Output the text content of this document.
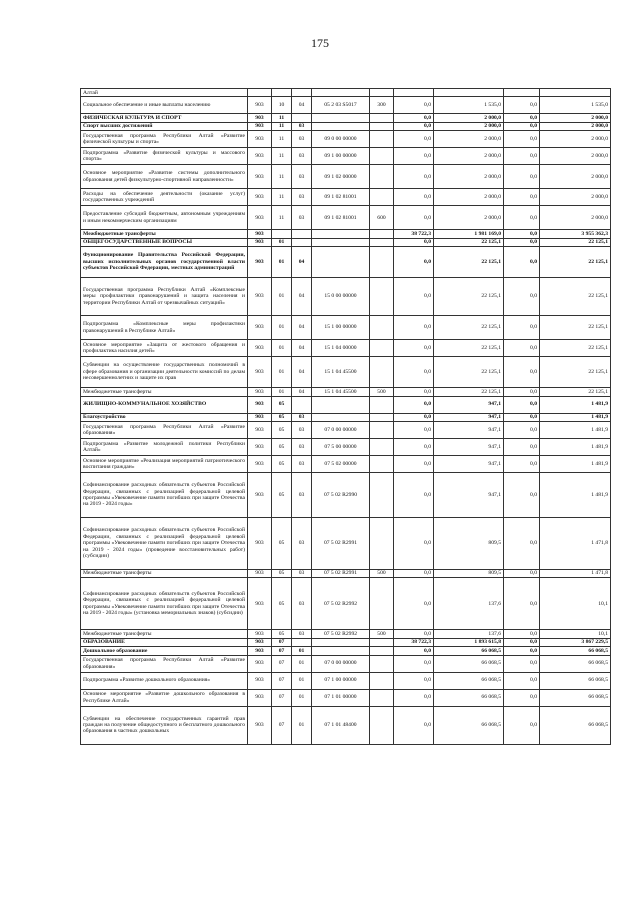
175
Алтай									
Социальное обеспечение и иные выплаты населению	903	10	04	05 2 03 S5017	300	0,0	1 535,0	0,0	1 535,0
ФИЗИЧЕСКАЯ КУЛЬТУРА И СПОРТ	903	11				0,0	2 000,0	0,0	2 000,0
Спорт высших достижений	903	11	03			0,0	2 000,0	0,0	2 000,0
Государственная программа Республики Алтай «Развитие физической культуры и спорта»	903	11	03	09 0 00 00000		0,0	2 000,0	0,0	2 000,0
Подпрограмма «Развитие физической культуры и массового спорта»	903	11	03	09 1 00 00000		0,0	2 000,0	0,0	2 000,0
Основное мероприятие «Развитие системы дополнительного образования детей физкультурно-спортивной направленности»	903	11	03	09 1 02 00000		0,0	2 000,0	0,0	2 000,0
Расходы на обеспечение деятельности (оказание услуг) государственных учреждений	903	11	03	09 1 02 81001		0,0	2 000,0	0,0	2 000,0
Предоставление субсидий бюджетным, автономным учреждениям и иным некоммерческим организациям	903	11	03	09 1 02 81001	600	0,0	2 000,0	0,0	2 000,0
Межбюджетные трансферты	903					38 722,3	1 981 169,0	0,0	3 955 362,3
ОБЩЕГОСУДАРСТВЕННЫЕ ВОПРОСЫ	903	01				0,0	22 125,1	0,0	22 125,1
Функционирование Правительства Российской Федерации, высших исполнительных органов государственной власти субъектов Российской Федерации, местных администраций	903	01	04			0,0	22 125,1	0,0	22 125,1
Государственная программа Республики Алтай «Комплексные меры профилактики правонарушений и защита населения и территории Республики Алтай от чрезвычайных ситуаций»	903	01	04	15 0 00 00000		0,0	22 125,1	0,0	22 125,1
Подпрограмма «Комплексные меры профилактики правонарушений в Республике Алтай»	903	01	04	15 1 00 00000		0,0	22 125,1	0,0	22 125,1
Основное мероприятие «Защита от жестокого обращения и профилактика насилия детей»	903	01	04	15 1 04 00000		0,0	22 125,1	0,0	22 125,1
Субвенции на осуществление государственных полномочий в сфере образования и организации деятельности комиссий по делам несовершеннолетних и защите их прав	903	01	04	15 1 04 45500		0,0	22 125,1	0,0	22 125,1
Межбюджетные трансферты	903	01	04	15 1 04 45500	500	0,0	22 125,1	0,0	22 125,1
ЖИЛИЩНО-КОММУНАЛЬНОЕ ХОЗЯЙСТВО	903	05				0,0	947,1	0,0	1 481,9
Благоустройство	903	05	03			0,0	947,1	0,0	1 481,9
Государственная программа Республики Алтай «Развитие образования»	903	05	03	07 0 00 00000		0,0	947,1	0,0	1 481,9
Подпрограмма «Развитие молодежной политики Республики Алтай»	903	05	03	07 5 00 00000		0,0	947,1	0,0	1 481,9
Основное мероприятие «Реализация мероприятий патриотического воспитания граждан»	903	05	03	07 5 02 00000		0,0	947,1	0,0	1 481,9
Софинансирование расходных обязательств субъектов Российской Федерации, связанных с реализацией федеральной целевой программы «Увековечение памяти погибших при защите Отечества на 2019 - 2024 годы»	903	05	03	07 5 02 R2990		0,0	947,1	0,0	1 481,9
Софинансирование расходных обязательств субъектов Российской Федерации, связанных с реализацией федеральной целевой программы «Увековечение памяти погибших при защите Отечества на 2019 - 2024 годы» (проведение восстановительных работ) (субсидии)	903	05	03	07 5 02 R2991		0,0	809,5	0,0	1 471,8
Межбюджетные трансферты	903	05	03	07 5 02 R2991	500	0,0	809,5	0,0	1 471,8
Софинансирование расходных обязательств субъектов Российской Федерации, связанных с реализацией федеральной целевой программы «Увековечение памяти погибших при защите Отечества на 2019 - 2024 годы» (установка мемориальных знаков) (субсидии)	903	05	03	07 5 02 R2992		0,0	137,6	0,0	10,1
Межбюджетные трансферты	903	05	03	07 5 02 R2992	500	0,0	137,6	0,0	10,1
ОБРАЗОВАНИЕ	903	07				38 722,3	1 893 615,8	0,0	3 867 229,5
Дошкольное образование	903	07	01			0,0	66 068,5	0,0	66 068,5
Государственная программа Республики Алтай «Развитие образования»	903	07	01	07 0 00 00000		0,0	66 068,5	0,0	66 068,5
Подпрограмма «Развитие дошкольного образования»	903	07	01	07 1 00 00000		0,0	66 068,5	0,0	66 068,5
Основное мероприятие «Развитие дошкольного образования в Республике Алтай»	903	07	01	07 1 01 00000		0,0	66 068,5	0,0	66 068,5
Субвенции на обеспечение государственных гарантий прав граждан на получение общедоступного и бесплатного дошкольного образования в частных дошкольных	903	07	01	07 1 01 48400		0,0	66 068,5	0,0	66 068,5
